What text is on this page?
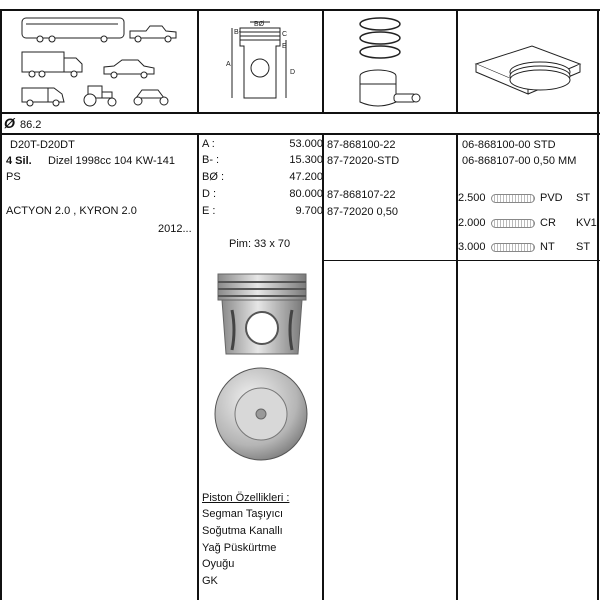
BØ
A
D
B-
E
C
Ø 86.2
D20T-D20DT
4 Sil. Dizel 1998cc 104 KW-141
PS
ACTYON 2.0 , KYRON 2.0
2012...
A :	53.000
B- :	15.300
BØ :	47.200
D :	80.000
E :	9.700
Pim: 33 x 70
Piston Özellikleri :
Segman Taşıyıcı
Soğutma Kanallı
Yağ Püskürtme
Oyuğu
GK
87-868100-22
87-72020-STD
87-868107-22
87-72020 0,50
06-868100-00 STD
06-868107-00 0,50 MM
2.500	PVD ST
2.000	CR KV1
3.000	NT ST
